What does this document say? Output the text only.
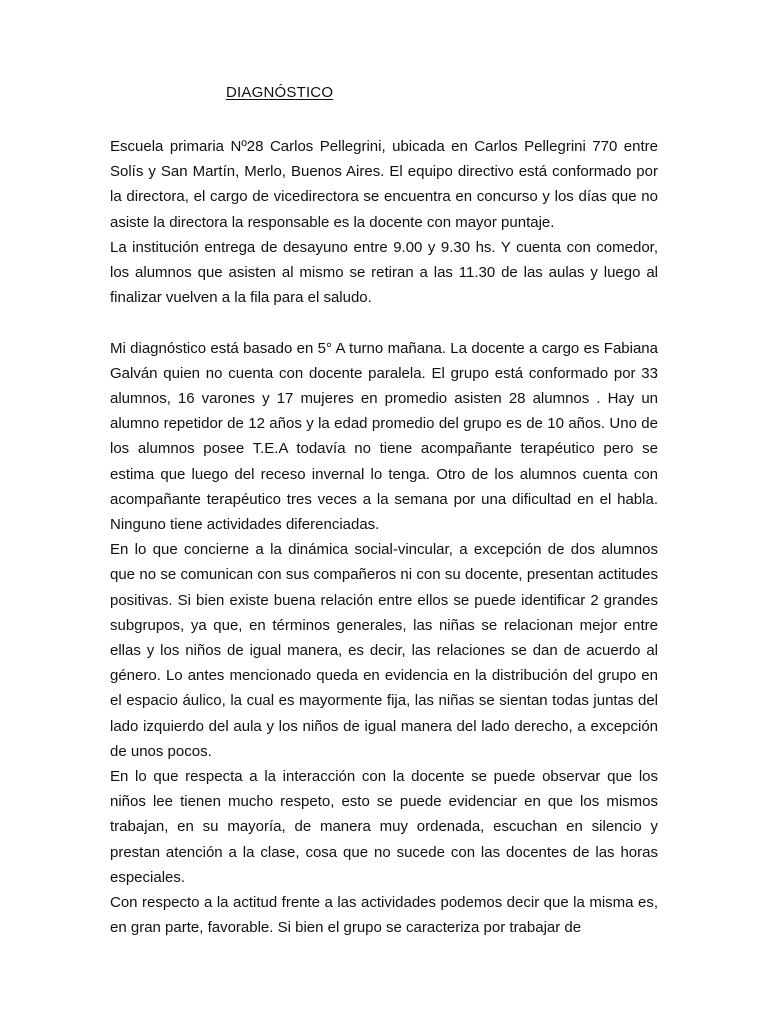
DIAGNÓSTICO

Escuela primaria Nº28 Carlos Pellegrini, ubicada en Carlos Pellegrini 770 entre Solís y San Martín, Merlo, Buenos Aires. El equipo directivo está conformado por la directora, el cargo de vicedirectora se encuentra en concurso y los días que no asiste la directora la responsable es la docente con mayor puntaje.

La institución entrega de desayuno entre 9.00 y 9.30 hs. Y cuenta con comedor, los alumnos que asisten al mismo se retiran a las 11.30 de las aulas y luego al finalizar vuelven a la fila para el saludo.

Mi diagnóstico está basado en 5° A turno mañana. La docente a cargo es Fabiana Galván quien no cuenta con docente paralela. El grupo está conformado por 33 alumnos, 16 varones y 17 mujeres en promedio asisten 28 alumnos . Hay un alumno repetidor de 12 años y la edad promedio del grupo es de 10 años. Uno de los alumnos posee T.E.A todavía no tiene acompañante terapéutico pero se estima que luego del receso invernal lo tenga. Otro de los alumnos cuenta con acompañante terapéutico tres veces a la semana por una dificultad en el habla. Ninguno tiene actividades diferenciadas.

En lo que concierne a la dinámica social-vincular, a excepción de dos alumnos que no se comunican con sus compañeros ni con su docente, presentan actitudes positivas. Si bien existe buena relación entre ellos se puede identificar 2 grandes subgrupos, ya que, en términos generales, las niñas se relacionan mejor entre ellas y los niños de igual manera, es decir, las relaciones se dan de acuerdo al género. Lo antes mencionado queda en evidencia en la distribución del grupo en el espacio áulico, la cual es mayormente fija, las niñas se sientan todas juntas del lado izquierdo del aula y los niños de igual manera del lado derecho, a excepción de unos pocos.

En lo que respecta a la interacción con la docente se puede observar que los niños lee tienen mucho respeto, esto se puede evidenciar en que los mismos trabajan, en su mayoría, de manera muy ordenada, escuchan en silencio y prestan atención a la clase, cosa que no sucede con las docentes de las horas especiales.

Con respecto a la actitud frente a las actividades podemos decir que la misma es, en gran parte, favorable. Si bien el grupo se caracteriza por trabajar de
